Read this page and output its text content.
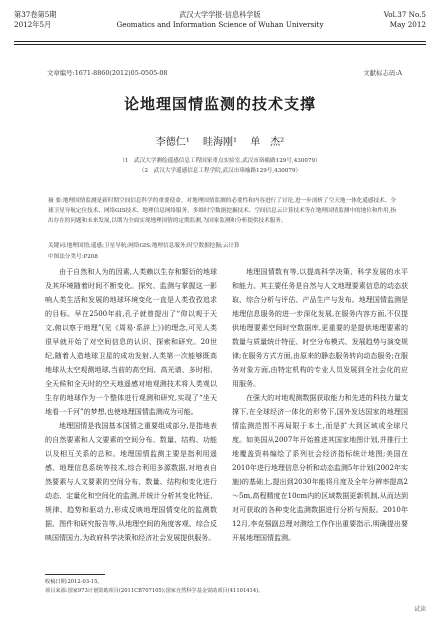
第37卷第5期
2012年5月
武汉大学学报·信息科学版
Geomatics and Information Science of Wuhan University
Vol.37 No.5
May 2012
文章编号:1671-8860(2012)05-0505-08	文献标志码:A
论地理国情监测的技术支撑
李德仁¹ 眭海刚¹ 单　杰²
（1　武汉大学测绘遥感信息工程国家重点实验室,武汉市珞喻路129号,430079）
（2　武汉大学遥感信息工程学院,武汉市珞喻路129号,430079）
摘 要:地理国情监测是新时期空间信息科学的重要使命。对地理国情监测的必要性和内容进行了讨论,进一步剖析了空天地一体化遥感技术、全球卫星导航定位技术、网络GIS技术、地理信息网络服务、多维时空数据挖掘技术、空间信息云计算技术等在地理国情监测中的地位和作用,指出存在的问题和未来发展,以期为全面实现地理国情的定期监测,为国家监测和分析提供技术服务。
关键词:地理国情;遥感;卫星导航;网络GIS;地理信息服务;时空数据挖掘;云计算
中图法分类号:P208

由于自然和人为的因素,人类赖以生存和繁衍的地球及其环境随着时间不断变化。探究、监测与掌握这一影响人类生活和发展的地球环境变化一直是人类孜孜追求的目标。早在2500年前,孔子就曾提出了“仰以观于天文,俯以察于地理”(见《周易·系辞上》)的理念,可见人类很早就开始了对空间信息的认识、探索和研究。20世纪,随着人造地球卫星的成功发射,人类第一次能够既高地球从太空观测地球,当前的高空间、高光谱、多时相、全天候和全天时的空天地遥感对地观测技术将人类观以生存的地球作为一个整体进行观测和研究,实现了“坐天地看一千河”的梦想,也使地理国情监测成为可能。

地理国情是我国基本国情之重要组成部分,是指地表的自然要素和人文要素的空间分布、数量、结构、功能以及相互关系的总和。地理国情监测主要是指利用遥感、地理信息系统等技术,综合利用多源数据,对地表自然要素与人文要素的空间分布、数量、结构和变化进行动态、定量化和空间化的监测,并统计分析其变化特征、规律、趋势和驱动力,形成反映地理国情变化的监测数据、图件和研究报告等,从地理空间的角度客观、综合反映国情国力,为政府科学决策和经济社会发展提供服务。

地理国情数有等,以提高科学决策、科学发展的水平和能力。其主要任务是自然与人文地理要素信息的动态获取、综合分析与评估、产品生产与发布。地理国情监测是地理信息服务的进一步深化发展,在服务内容方面,不仅提供地理要素空间时空数据库,更重要的是提供地理要素的数量与质量统计特征、时空分布模式、发展趋势与演变规律;在服务方式方面,由原来的静态服务转向动态服务;在服务对象方面,由特定机构的专业人员发展到全社会化的应用服务。

在强大的对地观测数据获取能力和先进的科技力量支撑下,在全球经济一体化的形势下,国外发达国家的地理国情监测范围不再局限于本土,而是扩大到区域或全球尺度。如美国从2007年开始推进其国家地图计划,并推行土地覆盖资料编绘了系列社会经济指标统计地图;美国在2010年进行地理信息分析和动态监测5年计划(2002年实施)的基础上,提出到2030年能将月度及全年分辨率提高2～5m,高程精度在10cm内的区域数据更新机制,从而达到对可获取的各种变化监测数据进行分析与预报。2010年12月,李克强副总理对测绘工作作出重要指示,明确提出要开展地理国情监测。

收稿日期:2012-03-15。
项目来源:国家973计划资助项目(2011CB707105);国家自然科学基金资助项目(41101414)。
试读
